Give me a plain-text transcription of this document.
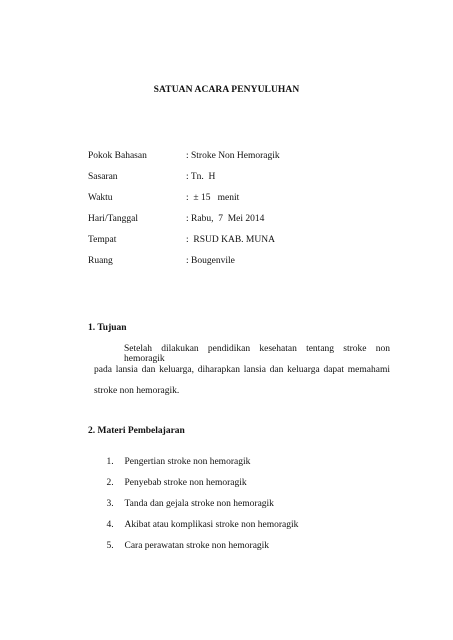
SATUAN ACARA PENYULUHAN
Pokok Bahasan	: Stroke Non Hemoragik
Sasaran	: Tn.  H
Waktu	:  ± 15   menit
Hari/Tanggal	: Rabu,  7  Mei 2014
Tempat	:  RSUD KAB. MUNA
Ruang	: Bougenvile
1. Tujuan
Setelah dilakukan pendidikan kesehatan tentang stroke non hemoragik
pada lansia dan keluarga, diharapkan lansia dan keluarga dapat memahami
stroke non hemoragik.
2. Materi Pembelajaran

1. Pengertian stroke non hemoragik

2. Penyebab stroke non hemoragik

3. Tanda dan gejala stroke non hemoragik

4. Akibat atau komplikasi stroke non hemoragik

5. Cara perawatan stroke non hemoragik
